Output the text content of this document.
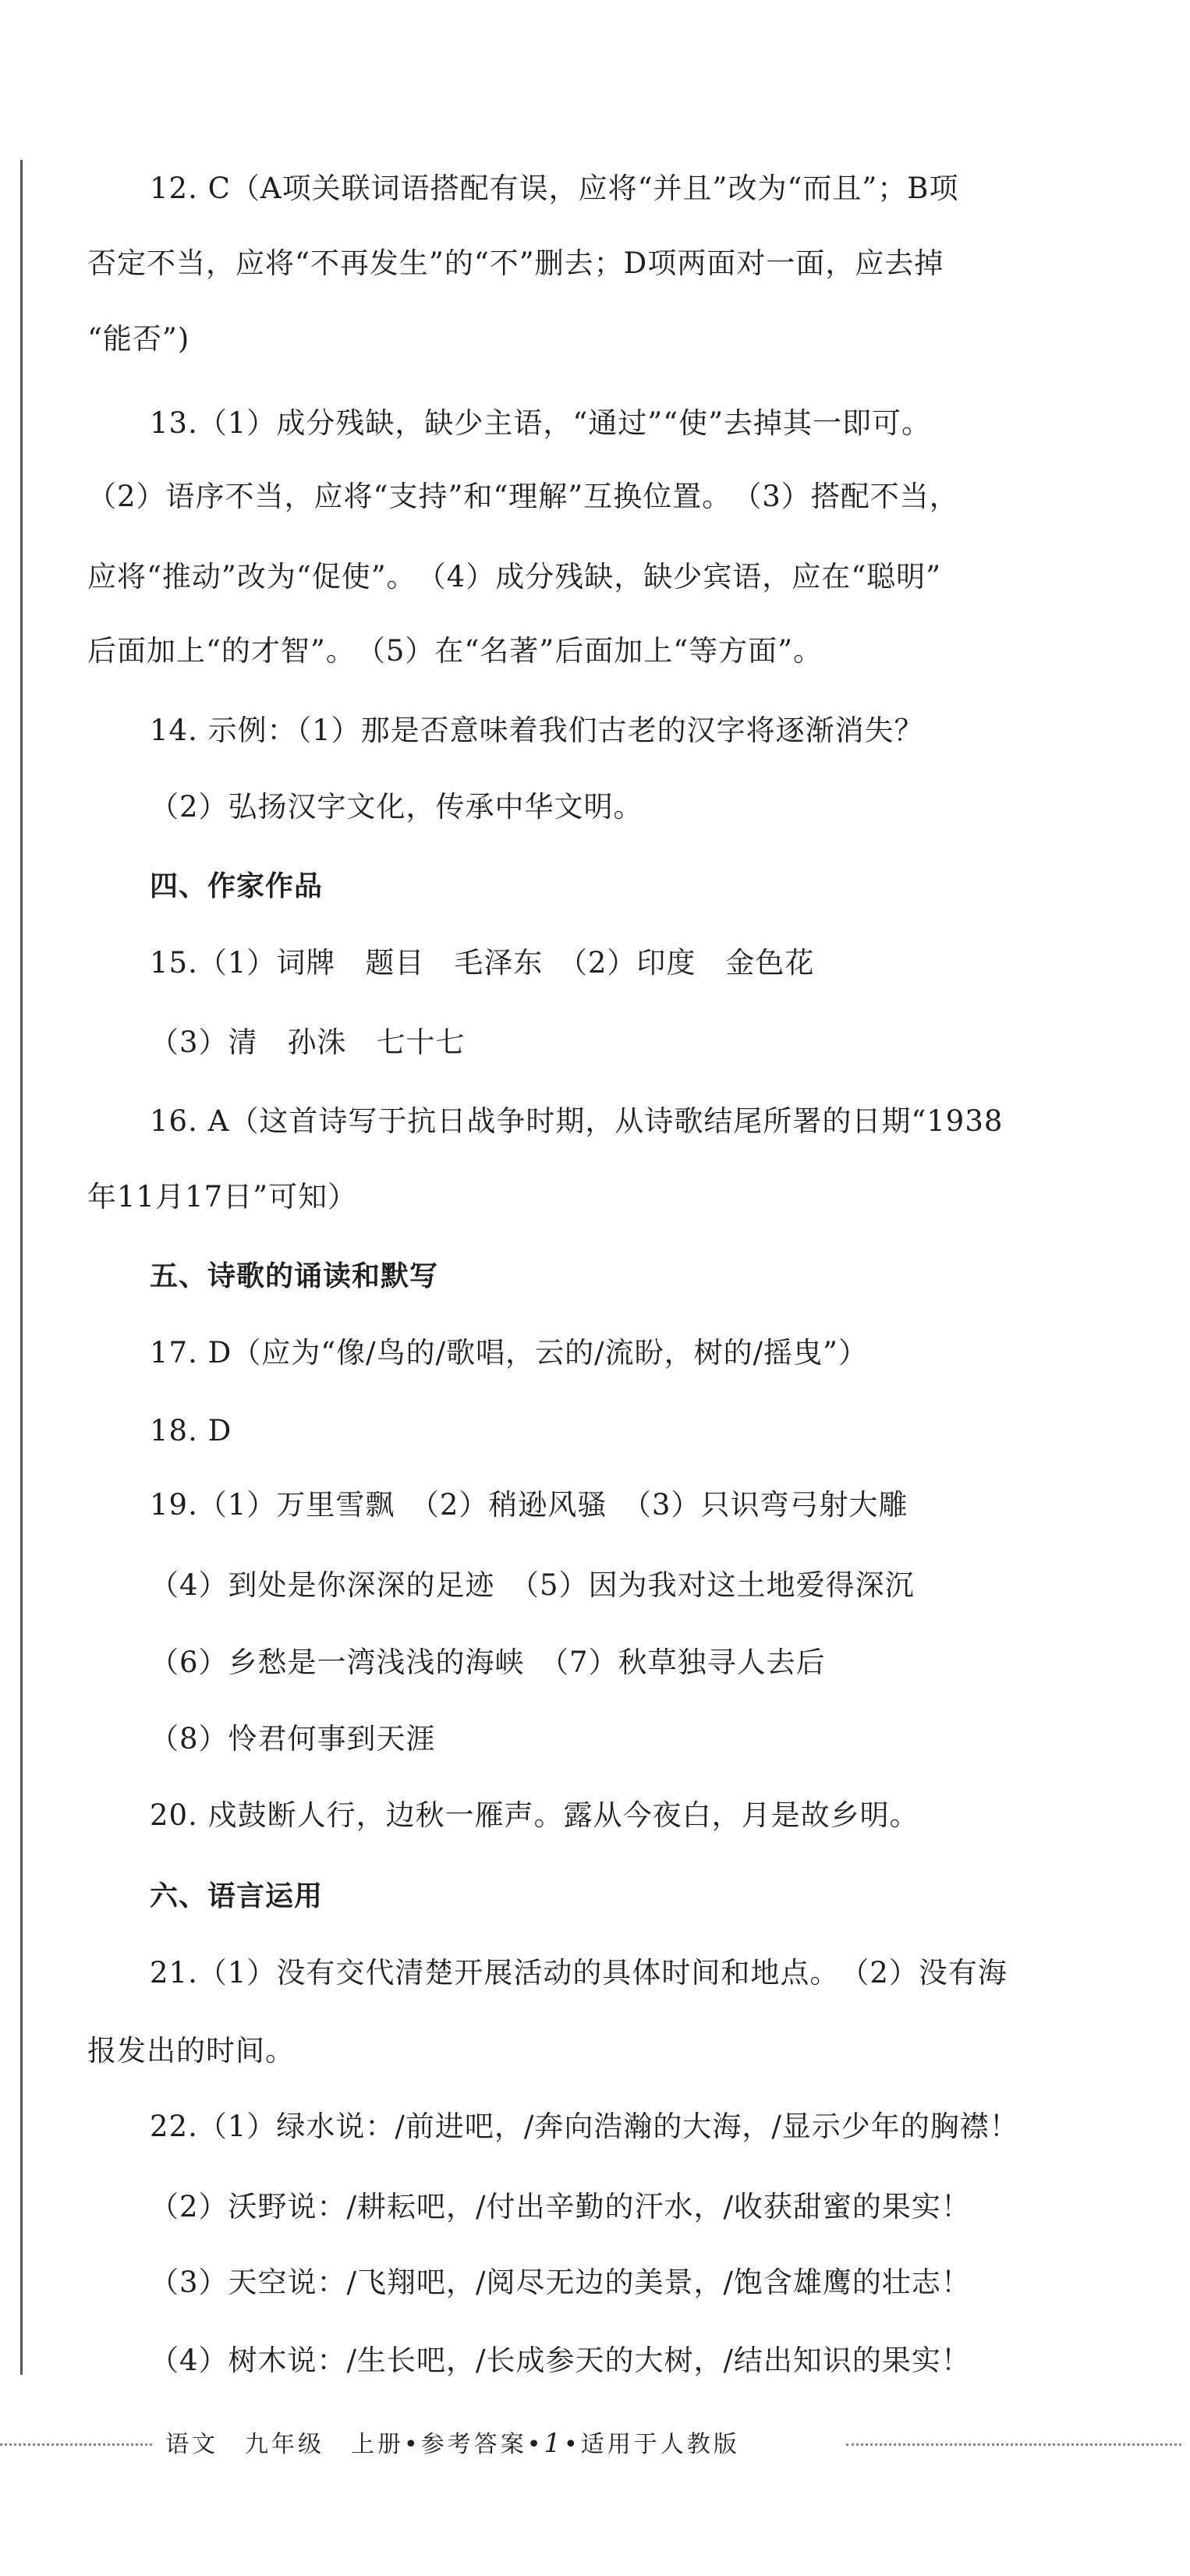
12. C（A项关联词语搭配有误，应将“并且”改为“而且”；B项
否定不当，应将“不再发生”的“不”删去；D项两面对一面，应去掉
“能否”)
13.（1）成分残缺，缺少主语，“通过”“使”去掉其一即可。
（2）语序不当，应将“支持”和“理解”互换位置。　（3）搭配不当，
应将“推动”改为“促使”。　（4）成分残缺，缺少宾语，应在“聪明”
后面加上“的才智”。　（5）在“名著”后面加上“等方面”。
14. 示例：（1）那是否意味着我们古老的汉字将逐渐消失？
（2）弘扬汉字文化，传承中华文明。
四、作家作品
15.（1）词牌　题目　毛泽东　（2）印度　金色花
（3）清　孙洙　七十七
16. A（这首诗写于抗日战争时期，从诗歌结尾所署的日期“1938
年11月17日”可知）
五、诗歌的诵读和默写
17. D（应为“像/鸟的/歌唱，云的/流盼，树的/摇曳”）
18. D
19.（1）万里雪飘　（2）稍逊风骚　（3）只识弯弓射大雕
（4）到处是你深深的足迹　（5）因为我对这土地爱得深沉
（6）乡愁是一湾浅浅的海峡　（7）秋草独寻人去后
（8）怜君何事到天涯
20. 戍鼓断人行，边秋一雁声。露从今夜白，月是故乡明。
六、语言运用
21.（1）没有交代清楚开展活动的具体时间和地点。　（2）没有海
报发出的时间。
22.（1）绿水说：/前进吧，/奔向浩瀚的大海，/显示少年的胸襟！
（2）沃野说：/耕耘吧，/付出辛勤的汗水，/收获甜蜜的果实！
（3）天空说：/飞翔吧，/阅尽无边的美景，/饱含雄鹰的壮志！
（4）树木说：/生长吧，/长成参天的大树，/结出知识的果实！
语文　九年级　上册•参考答案•1•适用于人教版
